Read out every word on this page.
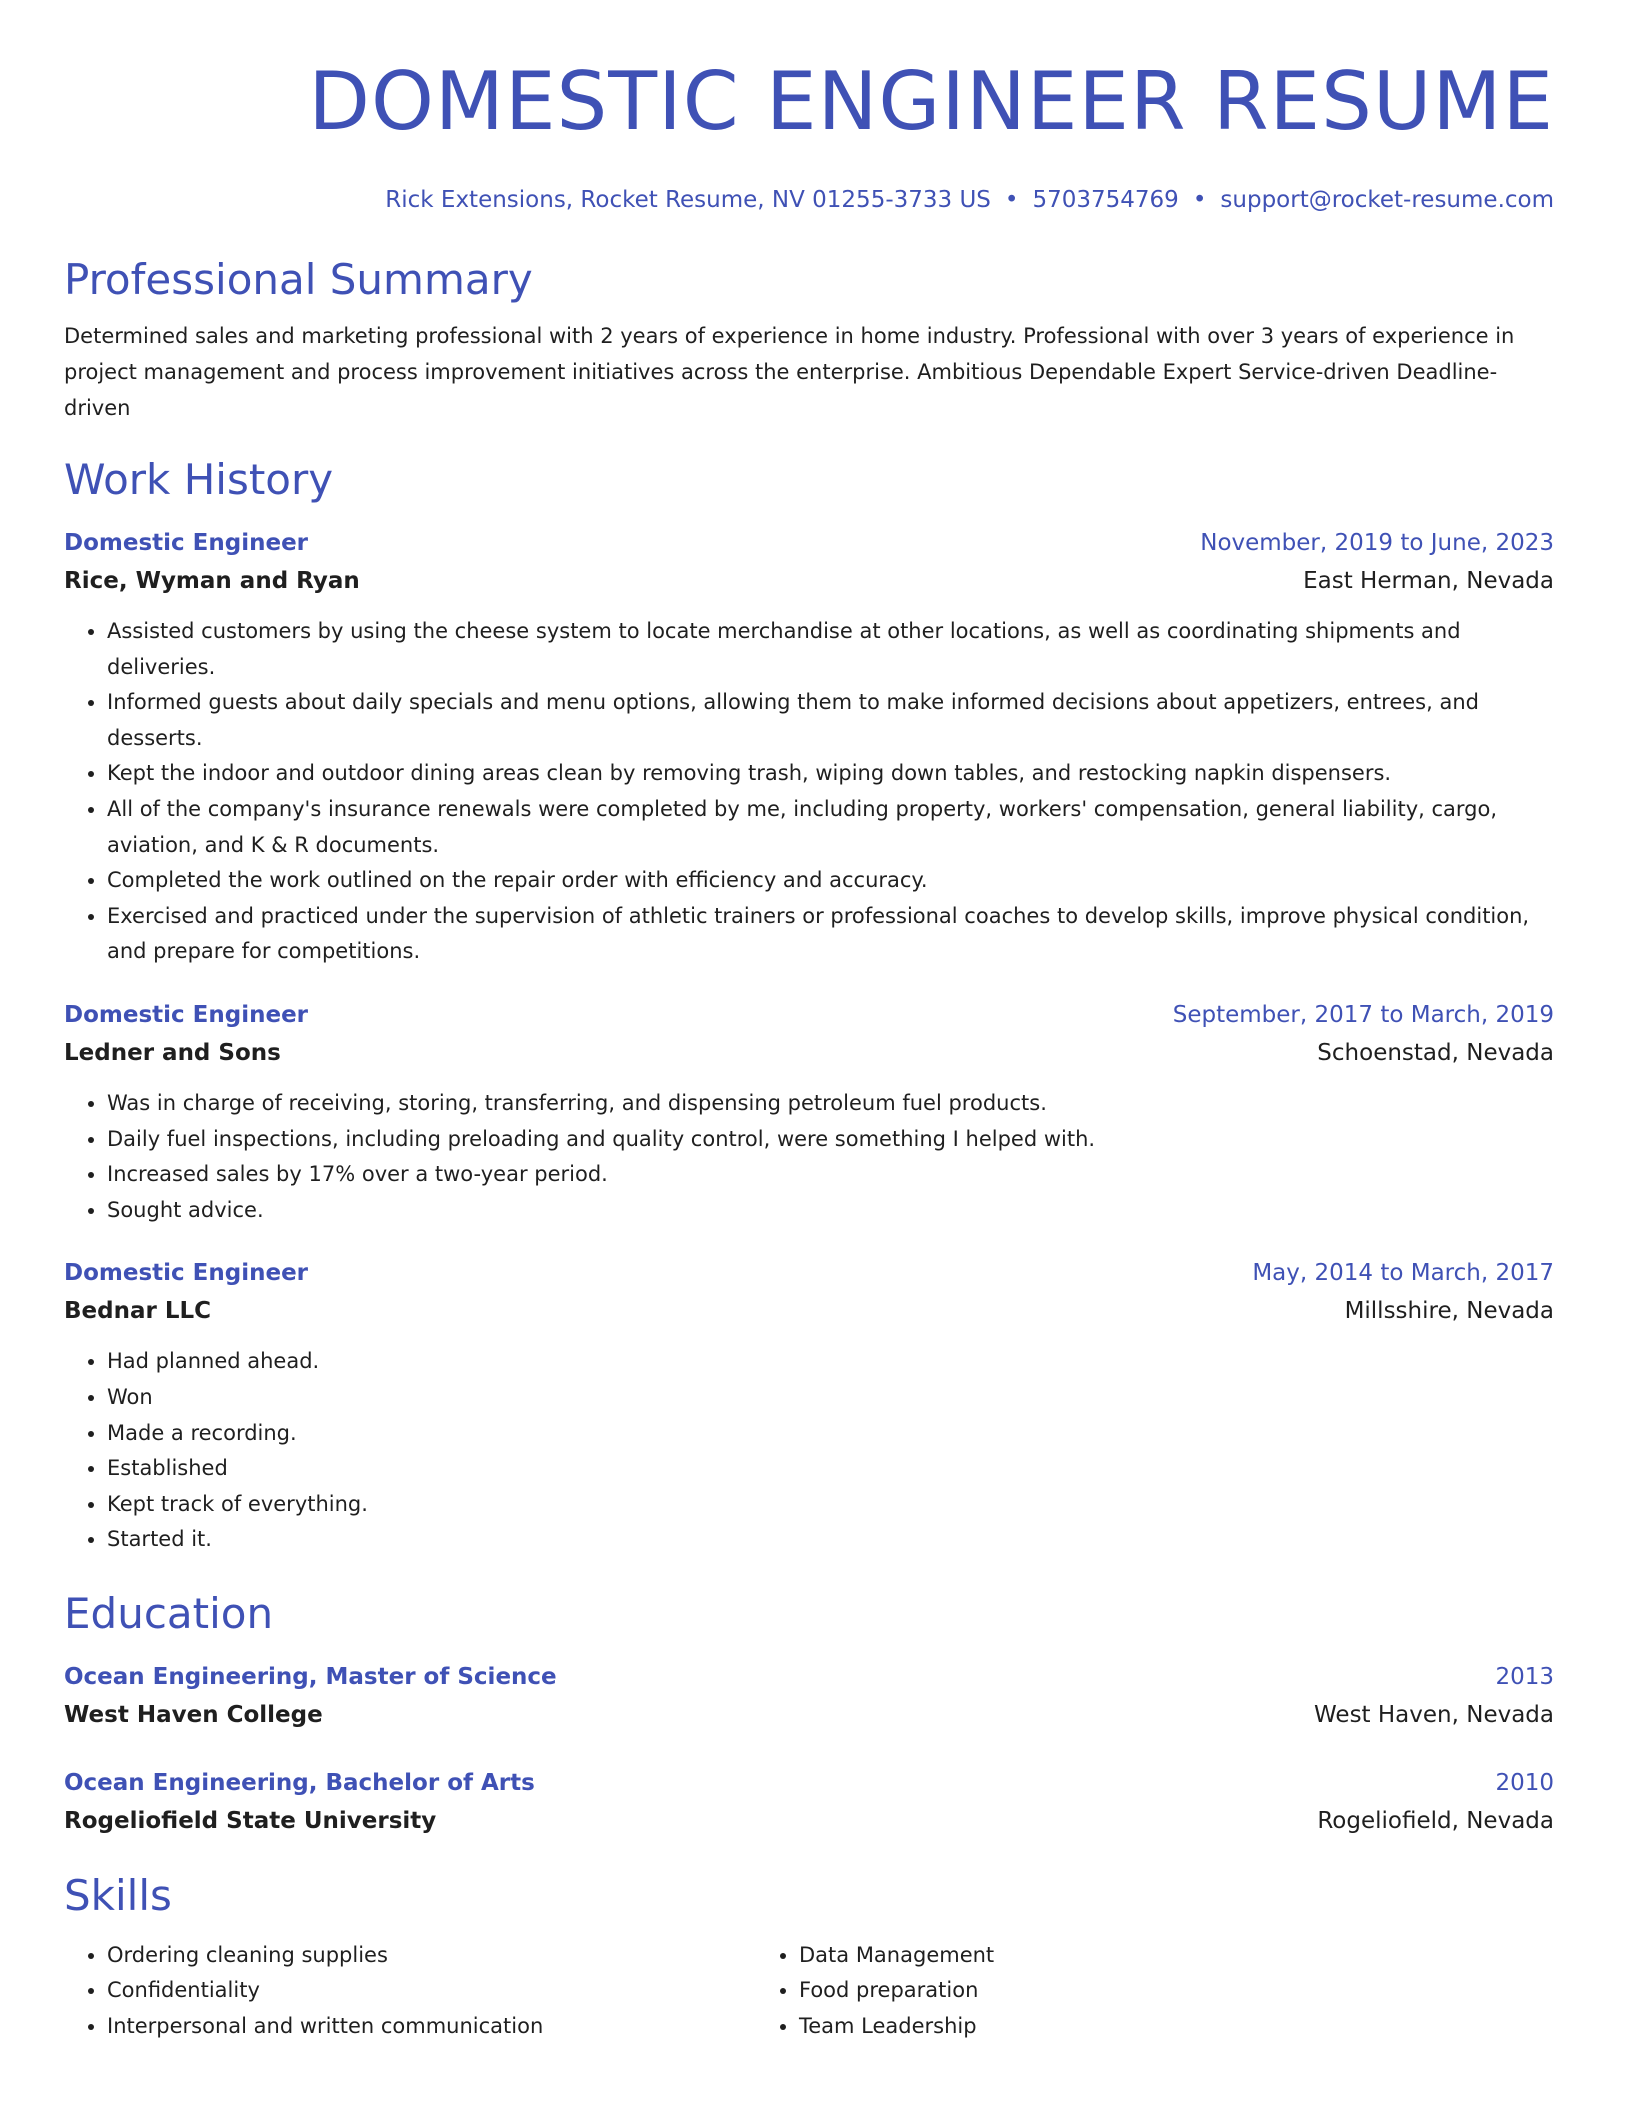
DOMESTIC ENGINEER RESUME
Rick Extensions, Rocket Resume, NV 01255-3733 US • 5703754769 • support@rocket-resume.com
Professional Summary
Determined sales and marketing professional with 2 years of experience in home industry. Professional with over 3 years of experience in project management and process improvement initiatives across the enterprise. Ambitious Dependable Expert Service-driven Deadline-driven
Work History
Domestic Engineer	November, 2019 to June, 2023
Rice, Wyman and Ryan	East Herman, Nevada
• Assisted customers by using the cheese system to locate merchandise at other locations, as well as coordinating shipments and deliveries.
• Informed guests about daily specials and menu options, allowing them to make informed decisions about appetizers, entrees, and desserts.
• Kept the indoor and outdoor dining areas clean by removing trash, wiping down tables, and restocking napkin dispensers.
• All of the company's insurance renewals were completed by me, including property, workers' compensation, general liability, cargo, aviation, and K & R documents.
• Completed the work outlined on the repair order with efficiency and accuracy.
• Exercised and practiced under the supervision of athletic trainers or professional coaches to develop skills, improve physical condition, and prepare for competitions.
Domestic Engineer	September, 2017 to March, 2019
Ledner and Sons	Schoenstad, Nevada
• Was in charge of receiving, storing, transferring, and dispensing petroleum fuel products.
• Daily fuel inspections, including preloading and quality control, were something I helped with.
• Increased sales by 17% over a two-year period.
• Sought advice.
Domestic Engineer	May, 2014 to March, 2017
Bednar LLC	Millsshire, Nevada
• Had planned ahead.
• Won
• Made a recording.
• Established
• Kept track of everything.
• Started it.
Education
Ocean Engineering, Master of Science	2013
West Haven College	West Haven, Nevada
Ocean Engineering, Bachelor of Arts	2010
Rogeliofield State University	Rogeliofield, Nevada
Skills
• Ordering cleaning supplies
• Confidentiality
• Interpersonal and written communication
• Data Management
• Food preparation
• Team Leadership
